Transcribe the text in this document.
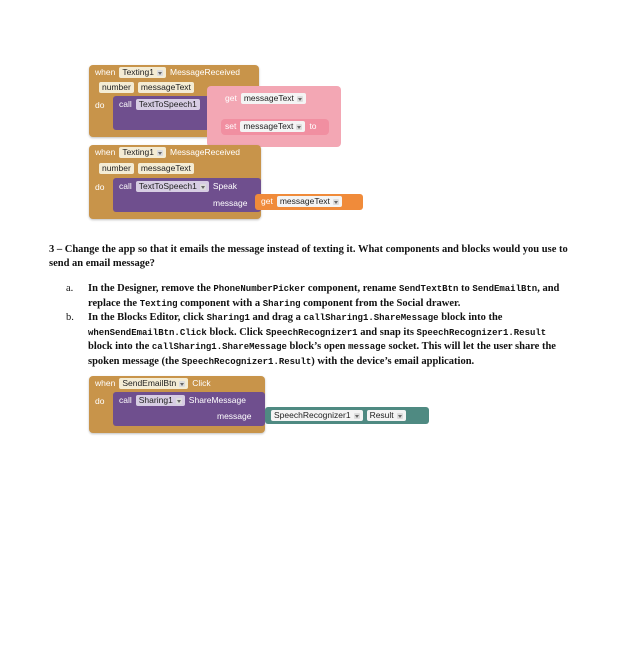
when Texting1	MessageReceived
number	messageText
do call TextToSpeech1
get messageText
set messageText	to
when Texting1	MessageReceived
number	messageText
do call TextToSpeech1	Speak
message get messageText
3 – Change the app so that it emails the message instead of texting it. What components and blocks would you use to send an email message?
a. In the Designer, remove the PhoneNumberPicker component, rename SendTextBtn to SendEmailBtn, and replace the Texting component with a Sharing component from the Social drawer.
b. In the Blocks Editor, click Sharing1 and drag a callSharing1.ShareMessage block into the whenSendEmailBtn.Click block. Click SpeechRecognizer1 and snap its SpeechRecognizer1.Result block into the callSharing1.ShareMessage block’s open message socket. This will let the user share the spoken message (the SpeechRecognizer1.Result) with the device’s email application.
when SendEmailBtn	Click
do call Sharing1	ShareMessage
message	SpeechRecognizer1	Result
